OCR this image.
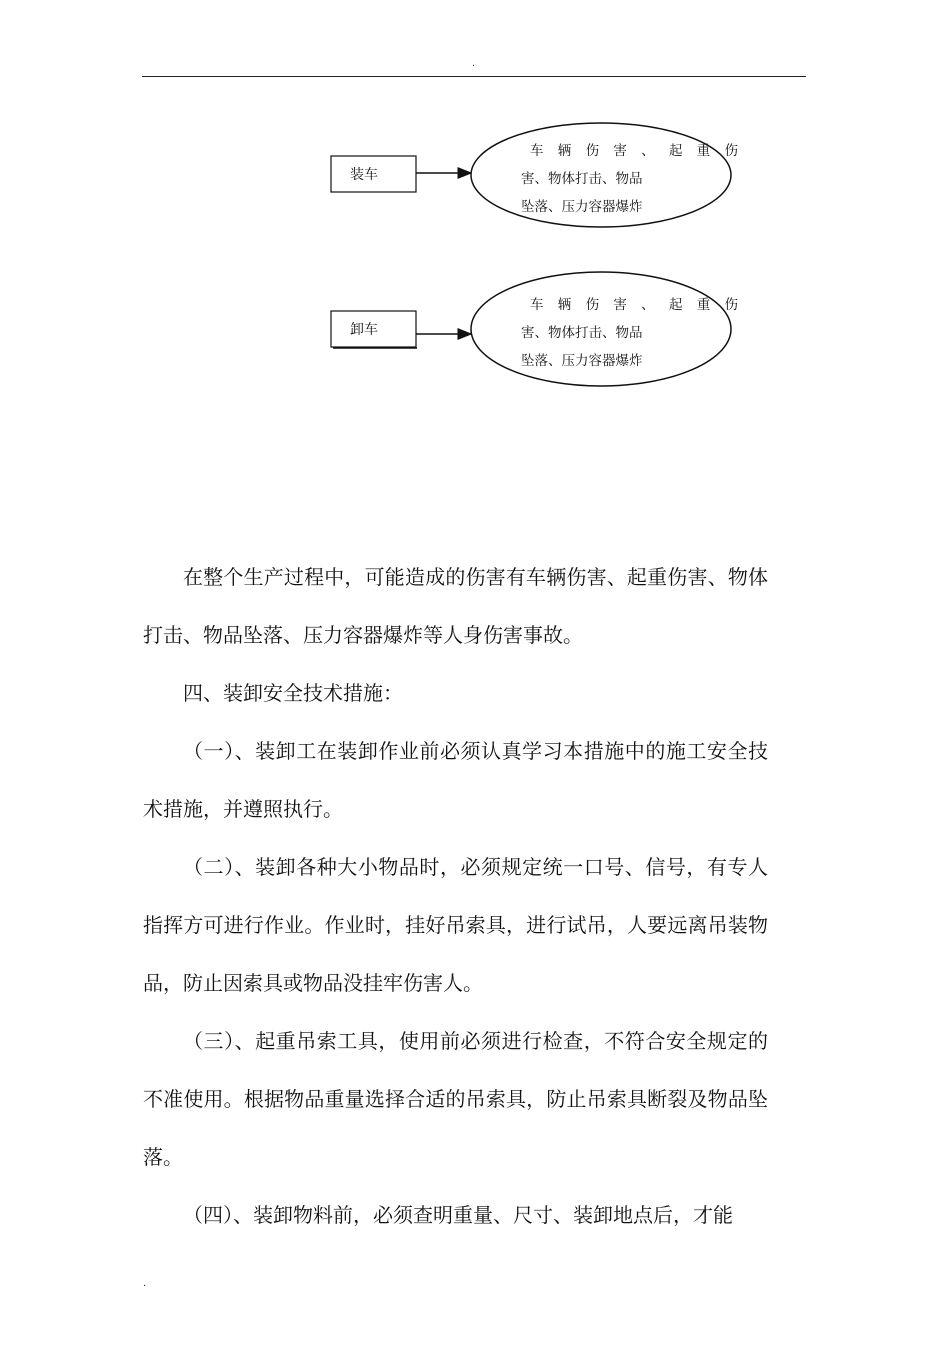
.
装车
车 辆 伤 害 、 起 重 伤
害、物体打击、物品
坠落、压力容器爆炸
卸车
车 辆 伤 害 、 起 重 伤
害、物体打击、物品
坠落、压力容器爆炸

在整个生产过程中，可能造成的伤害有车辆伤害、起重伤害、物体打击、物品坠落、压力容器爆炸等人身伤害事故。

四、装卸安全技术措施：

（一）、装卸工在装卸作业前必须认真学习本措施中的施工安全技术措施，并遵照执行。

（二）、装卸各种大小物品时，必须规定统一口号、信号，有专人指挥方可进行作业。作业时，挂好吊索具，进行试吊，人要远离吊装物品，防止因索具或物品没挂牢伤害人。

（三）、起重吊索工具，使用前必须进行检查，不符合安全规定的不准使用。根据物品重量选择合适的吊索具，防止吊索具断裂及物品坠落。

（四）、装卸物料前，必须查明重量、尺寸、装卸地点后，才能

.
